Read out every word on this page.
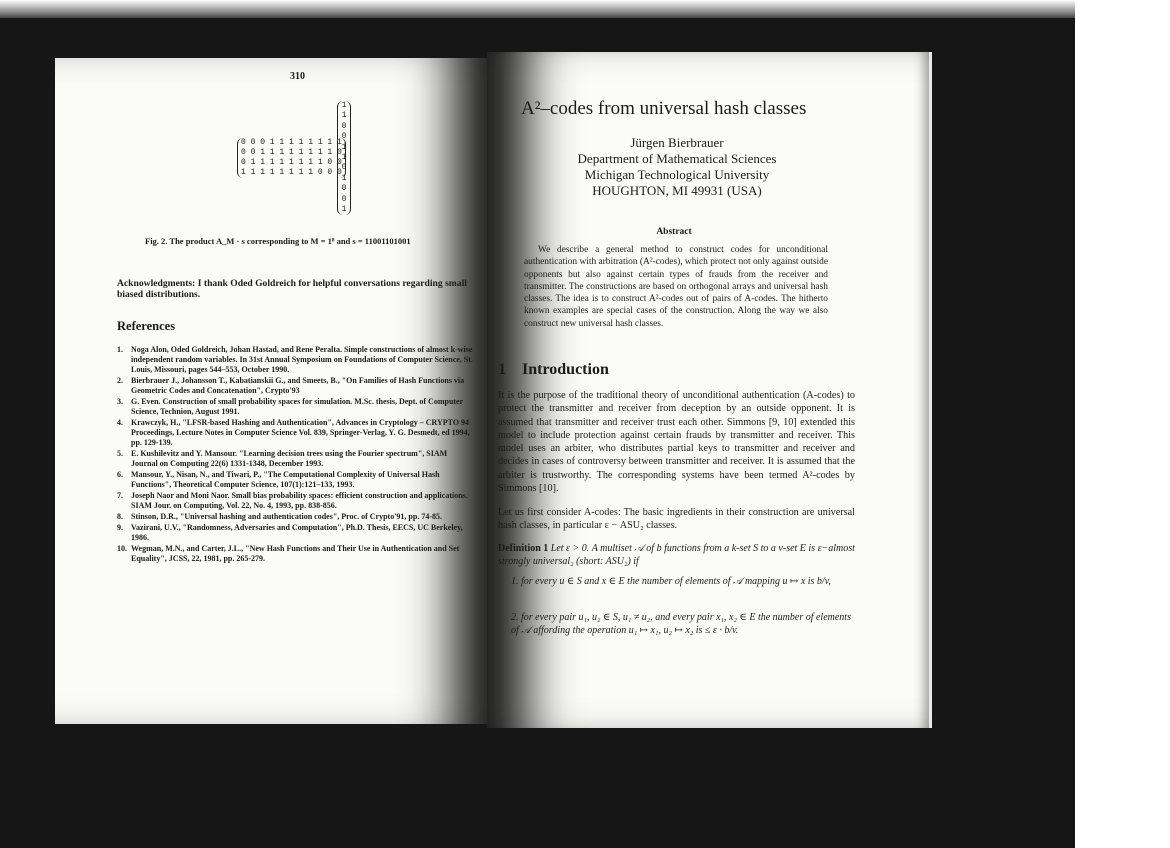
310
0 0 0 1 1 1 1 1 1 1 1
0 0 1 1 1 1 1 1 1 1 0
0 1 1 1 1 1 1 1 1 0 0
1 1 1 1 1 1 1 1 0 0 0
1
1
0
0
1
1
0
1
0
0
1
Fig. 2. The product A_M · s corresponding to M = 1⁸ and s = 11001101001
Acknowledgments: I thank Oded Goldreich for helpful conversations regarding small biased distributions.
References
1. Noga Alon, Oded Goldreich, Johan Hastad, and Rene Peralta. Simple constructions of almost k-wise independent random variables. In 31st Annual Symposium on Foundations of Computer Science, St. Louis, Missouri, pages 544–553, October 1990.
2. Bierbrauer J., Johansson T., Kabatianskii G., and Smeets, B., "On Families of Hash Functions via Geometric Codes and Concatenation", Crypto'93
3. G. Even. Construction of small probability spaces for simulation. M.Sc. thesis, Dept. of Computer Science, Technion, August 1991.
4. Krawczyk, H., "LFSR-based Hashing and Authentication", Advances in Cryptology – CRYPTO 94 Proceedings, Lecture Notes in Computer Science Vol. 839, Springer-Verlag, Y. G. Desmedt, ed 1994, pp. 129-139.
5. E. Kushilevitz and Y. Mansour. "Learning decision trees using the Fourier spectrum", SIAM Journal on Computing 22(6) 1331-1348, December 1993.
6. Mansour, Y., Nisan, N., and Tiwari, P., "The Computational Complexity of Universal Hash Functions", Theoretical Computer Science, 107(1):121–133, 1993.
7. Joseph Naor and Moni Naor. Small bias probability spaces: efficient construction and applications. SIAM Jour. on Computing, Vol. 22, No. 4, 1993, pp. 838-856.
8. Stinson, D.R., "Universal hashing and authentication codes", Proc. of Crypto'91, pp. 74-85.
9. Vazirani, U.V., "Randomness, Adversaries and Computation", Ph.D. Thesis, EECS, UC Berkeley, 1986.
10. Wegman, M.N., and Carter, J.L., "New Hash Functions and Their Use in Authentication and Set Equality", JCSS, 22, 1981, pp. 265-279.
A²–codes from universal hash classes
Jürgen Bierbrauer
Department of Mathematical Sciences
Michigan Technological University
HOUGHTON, MI 49931 (USA)
Abstract
We describe a general method to construct codes for unconditional authentication with arbitration (A²-codes), which protect not only against outside opponents but also against certain types of frauds from the receiver and transmitter. The constructions are based on orthogonal arrays and universal hash classes. The idea is to construct A²-codes out of pairs of A-codes. The hitherto known examples are special cases of the construction. Along the way we also construct new universal hash classes.
1 Introduction
It is the purpose of the traditional theory of unconditional authentication (A-codes) to protect the transmitter and receiver from deception by an outside opponent. It is assumed that transmitter and receiver trust each other. Simmons [9, 10] extended this model to include protection against certain frauds by transmitter and receiver. This model uses an arbiter, who distributes partial keys to transmitter and receiver and decides in cases of controversy between transmitter and receiver. It is assumed that the arbiter is trustworthy. The corresponding systems have been termed A²-codes by Simmons [10].
Let us first consider A-codes: The basic ingredients in their construction are universal hash classes, in particular ε − ASU₂ classes.
Definition 1 Let ε > 0. A multiset 𝒜 of b functions from a k-set S to a v-set E is ε−almost strongly universal₂ (short: ASU₂) if
1. for every u ∈ S and x ∈ E the number of elements of 𝒜 mapping u ↦ x is b/v,
2. for every pair u₁, u₂ ∈ S, u₁ ≠ u₂, and every pair x₁, x₂ ∈ E the number of elements of 𝒜 affording the operation u₁ ↦ x₁, u₂ ↦ x₂ is ≤ ε · b/v.
